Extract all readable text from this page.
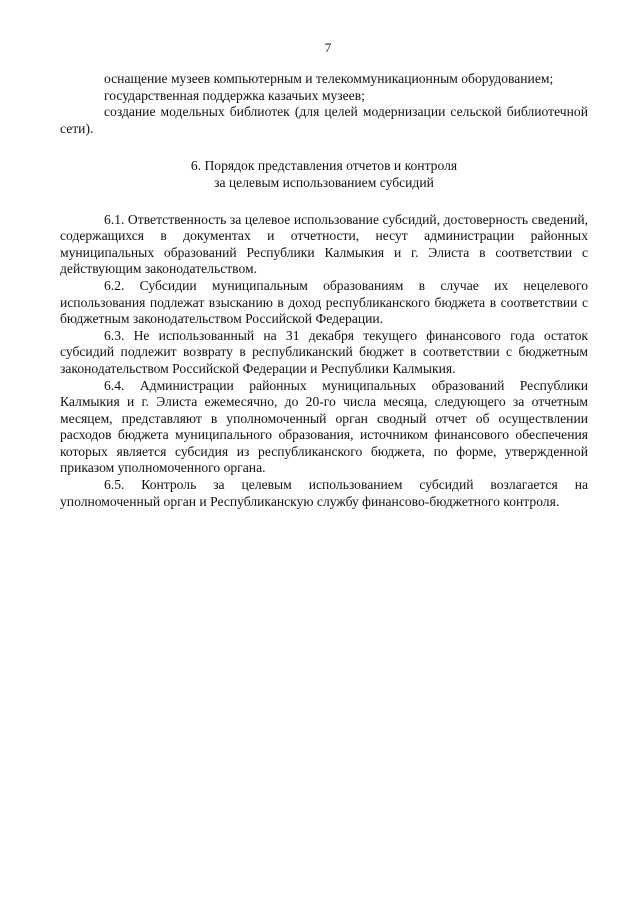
7

оснащение музеев компьютерным и телекоммуникационным оборудованием;

государственная поддержка казачьих музеев;

создание модельных библиотек (для целей модернизации сельской библиотечной сети).

6. Порядок представления отчетов и контроля
за целевым использованием субсидий

6.1. Ответственность за целевое использование субсидий, достоверность сведений, содержащихся в документах и отчетности, несут администрации районных муниципальных образований Республики Калмыкия и г. Элиста в соответствии с действующим законодательством.

6.2. Субсидии муниципальным образованиям в случае их нецелевого использования подлежат взысканию в доход республиканского бюджета в соответствии с бюджетным законодательством Российской Федерации.

6.3. Не использованный на 31 декабря текущего финансового года остаток субсидий подлежит возврату в республиканский бюджет в соответствии с бюджетным законодательством Российской Федерации и Республики Калмыкия.

6.4. Администрации районных муниципальных образований Республики Калмыкия и г. Элиста ежемесячно, до 20-го числа месяца, следующего за отчетным месяцем, представляют в уполномоченный орган сводный отчет об осуществлении расходов бюджета муниципального образования, источником финансового обеспечения которых является субсидия из республиканского бюджета, по форме, утвержденной приказом уполномоченного органа.

6.5. Контроль за целевым использованием субсидий возлагается на уполномоченный орган и Республиканскую службу финансово-бюджетного контроля.
